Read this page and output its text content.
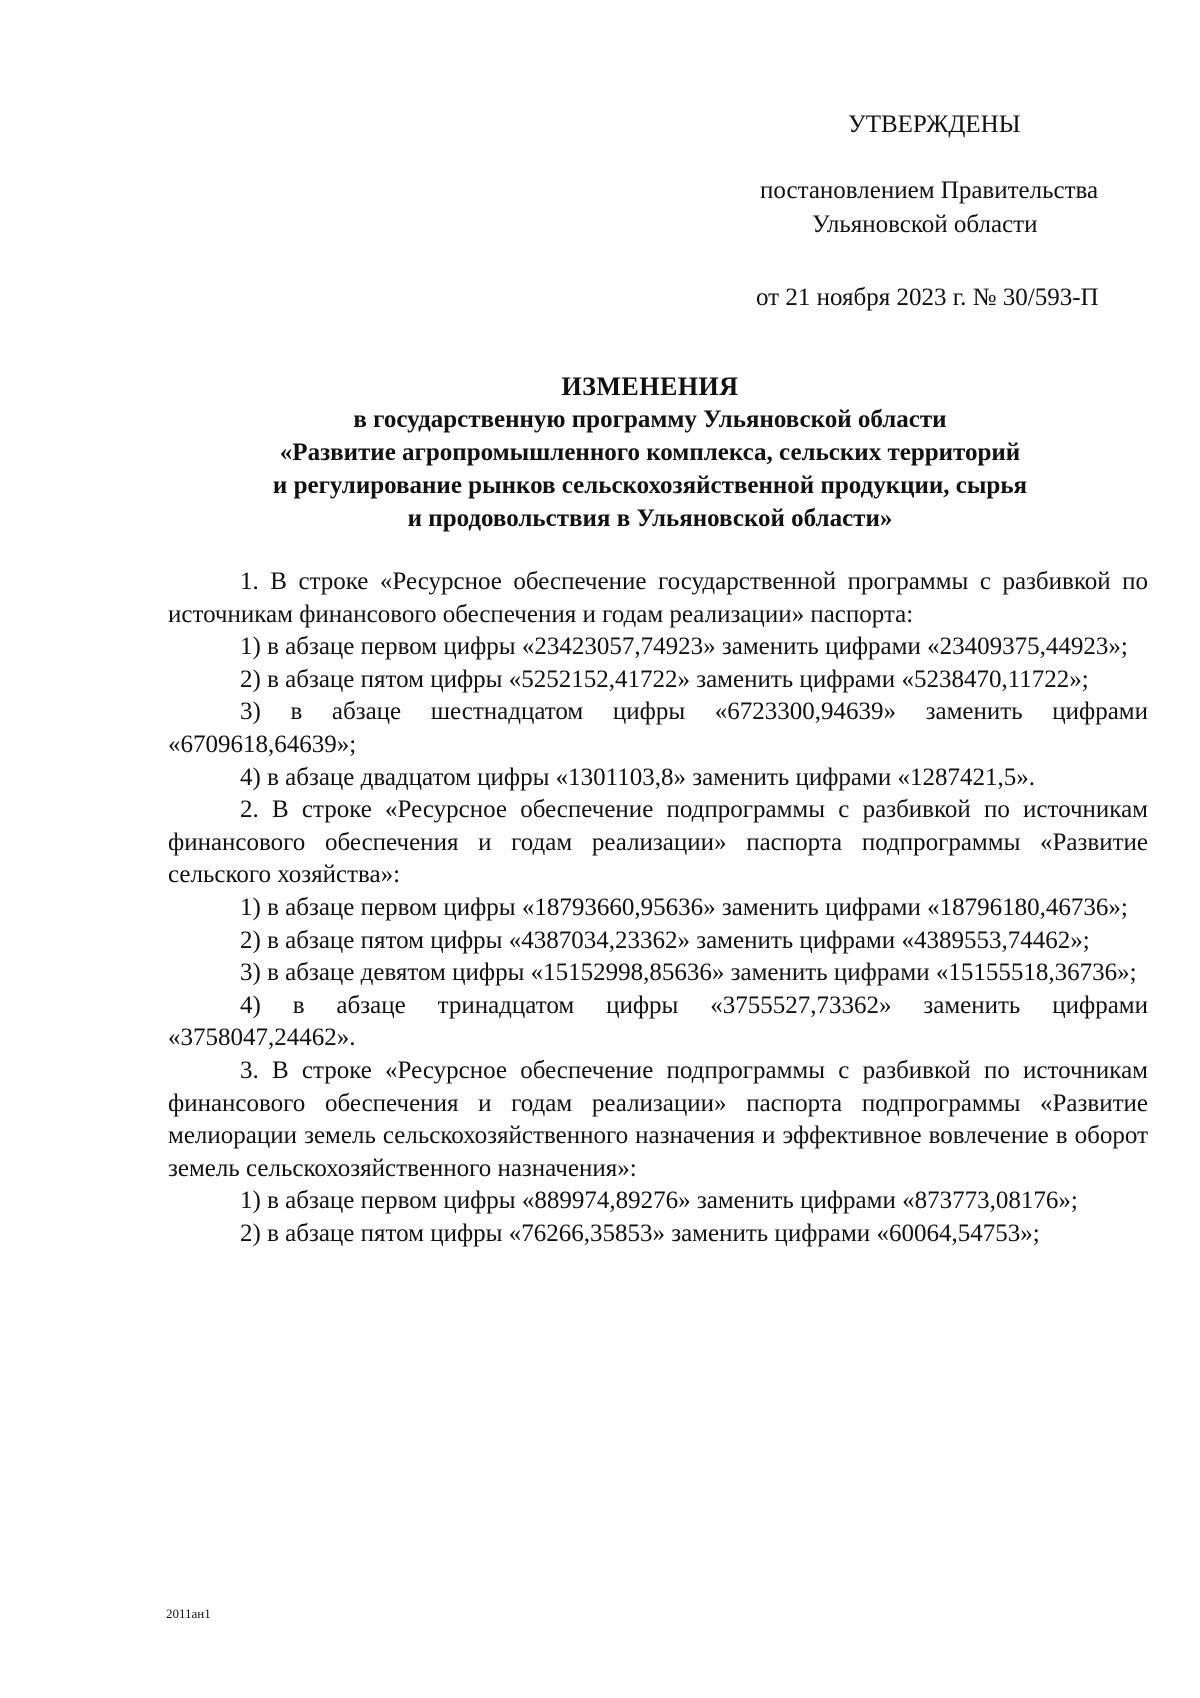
УТВЕРЖДЕНЫ
постановлением Правительства
Ульяновской области
от 21 ноября 2023 г. № 30/593-П
ИЗМЕНЕНИЯ
в государственную программу Ульяновской области
«Развитие агропромышленного комплекса, сельских территорий
и регулирование рынков сельскохозяйственной продукции, сырья
и продовольствия в Ульяновской области»

1. В строке «Ресурсное обеспечение государственной программы с разбивкой по источникам финансового обеспечения и годам реализации» паспорта:

1) в абзаце первом цифры «23423057,74923» заменить цифрами «23409375,44923»;

2) в абзаце пятом цифры «5252152,41722» заменить цифрами «5238470,11722»;

3) в абзаце шестнадцатом цифры «6723300,94639» заменить цифрами «6709618,64639»;

4) в абзаце двадцатом цифры «1301103,8» заменить цифрами «1287421,5».

2. В строке «Ресурсное обеспечение подпрограммы с разбивкой по источникам финансового обеспечения и годам реализации» паспорта подпрограммы «Развитие сельского хозяйства»:

1) в абзаце первом цифры «18793660,95636» заменить цифрами «18796180,46736»;

2) в абзаце пятом цифры «4387034,23362» заменить цифрами «4389553,74462»;

3) в абзаце девятом цифры «15152998,85636» заменить цифрами «15155518,36736»;

4) в абзаце тринадцатом цифры «3755527,73362» заменить цифрами «3758047,24462».

3. В строке «Ресурсное обеспечение подпрограммы с разбивкой по источникам финансового обеспечения и годам реализации» паспорта подпрограммы «Развитие мелиорации земель сельскохозяйственного назначения и эффективное вовлечение в оборот земель сельскохозяйственного назначения»:

1) в абзаце первом цифры «889974,89276» заменить цифрами «873773,08176»;

2) в абзаце пятом цифры «76266,35853» заменить цифрами «60064,54753»;

2011ан1
